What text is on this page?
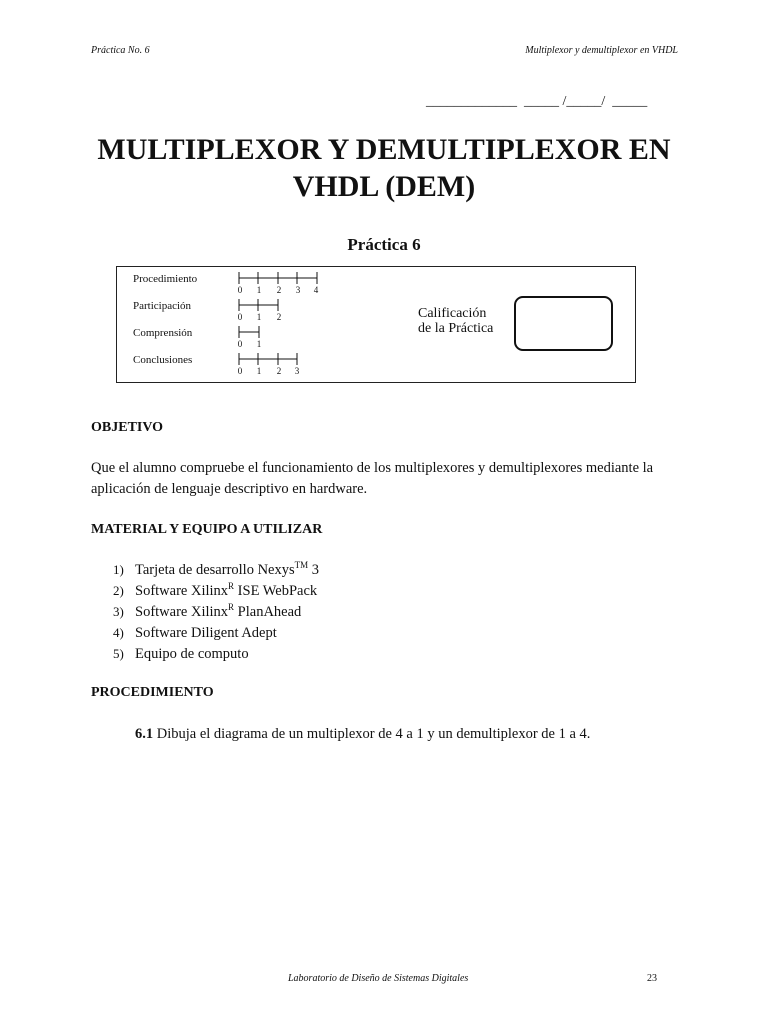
Práctica No. 6	Multiplexor y demultiplexor en VHDL
_____________  _____ /_____/  _____
MULTIPLEXOR Y DEMULTIPLEXOR EN
VHDL (DEM)
Práctica 6
Procedimiento
0	1	2	3	4
Participación
0	1	2
Comprensión
0	1
Conclusiones
0	1	2	3
Calificación
de la Práctica
OBJETIVO
Que el alumno compruebe el funcionamiento de los multiplexores y demultiplexores mediante la aplicación de lenguaje descriptivo en hardware.
MATERIAL Y EQUIPO A UTILIZAR
1) Tarjeta de desarrollo Nexys™ 3
2) Software Xilinx$^R$ ISE WebPack
3) Software Xilinx$^R$ PlanAhead
4) Software Diligent Adept
5) Equipo de computo
PROCEDIMIENTO
6.1 Dibuja el diagrama de un multiplexor de 4 a 1 y un demultiplexor de 1 a 4.
Laboratorio de Diseño de Sistemas Digitales	23
